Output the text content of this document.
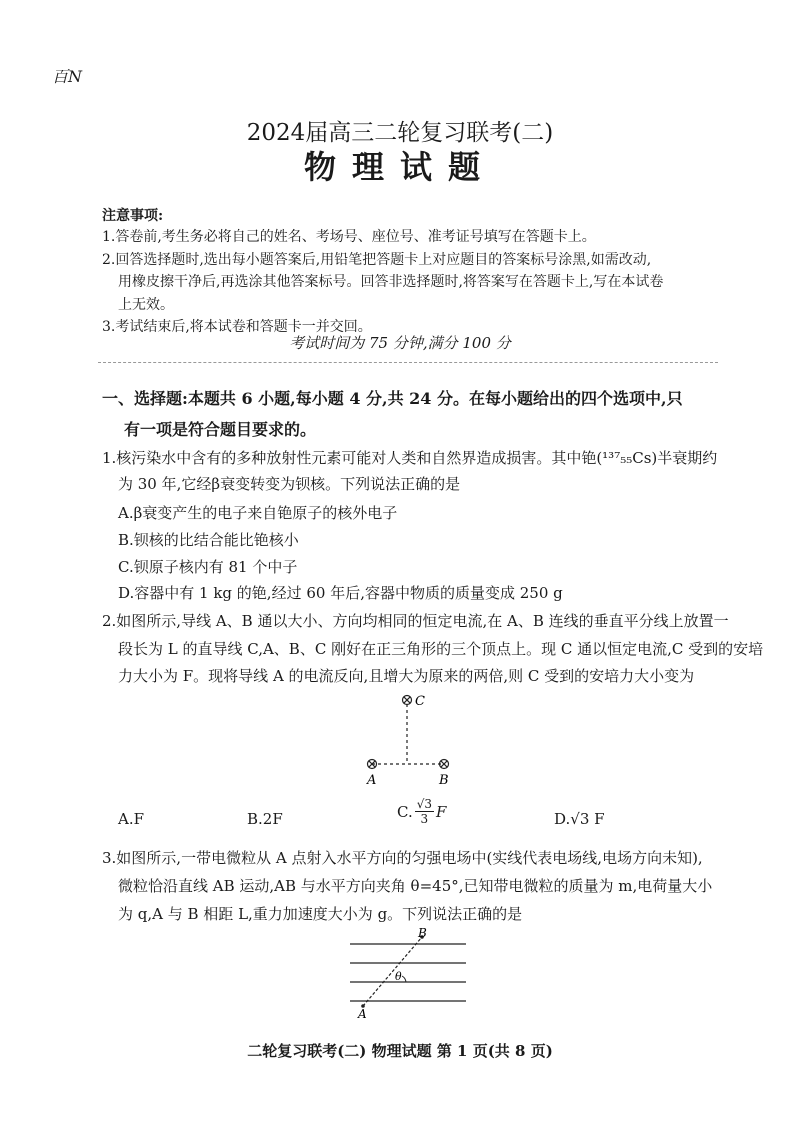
百N
2024届高三二轮复习联考(二)
物理试题
注意事项:
1.答卷前,考生务必将自己的姓名、考场号、座位号、准考证号填写在答题卡上。
2.回答选择题时,选出每小题答案后,用铅笔把答题卡上对应题目的答案标号涂黑,如需改动,
用橡皮擦干净后,再选涂其他答案标号。回答非选择题时,将答案写在答题卡上,写在本试卷
上无效。
3.考试结束后,将本试卷和答题卡一并交回。
考试时间为 75 分钟,满分 100 分
一、选择题:本题共 6 小题,每小题 4 分,共 24 分。在每小题给出的四个选项中,只
有一项是符合题目要求的。
1.核污染水中含有的多种放射性元素可能对人类和自然界造成损害。其中铯(¹³⁷₅₅Cs)半衰期约
为 30 年,它经β衰变转变为钡核。下列说法正确的是
A.β衰变产生的电子来自铯原子的核外电子
B.钡核的比结合能比铯核小
C.钡原子核内有 81 个中子
D.容器中有 1 kg 的铯,经过 60 年后,容器中物质的质量变成 250 g
2.如图所示,导线 A、B 通以大小、方向均相同的恒定电流,在 A、B 连线的垂直平分线上放置一
段长为 L 的直导线 C,A、B、C 刚好在正三角形的三个顶点上。现 C 通以恒定电流,C 受到的安培
力大小为 F。现将导线 A 的电流反向,且增大为原来的两倍,则 C 受到的安培力大小变为
C
A	B
A.F	B.2F	C. $\frac{√3}{3}$ F	D.√3 F
3.如图所示,一带电微粒从 A 点射入水平方向的匀强电场中(实线代表电场线,电场方向未知),
微粒恰沿直线 AB 运动,AB 与水平方向夹角 θ=45°,已知带电微粒的质量为 m,电荷量大小
为 q,A 与 B 相距 L,重力加速度大小为 g。下列说法正确的是
B
θ
A
二轮复习联考(二) 物理试题 第 1 页(共 8 页)
